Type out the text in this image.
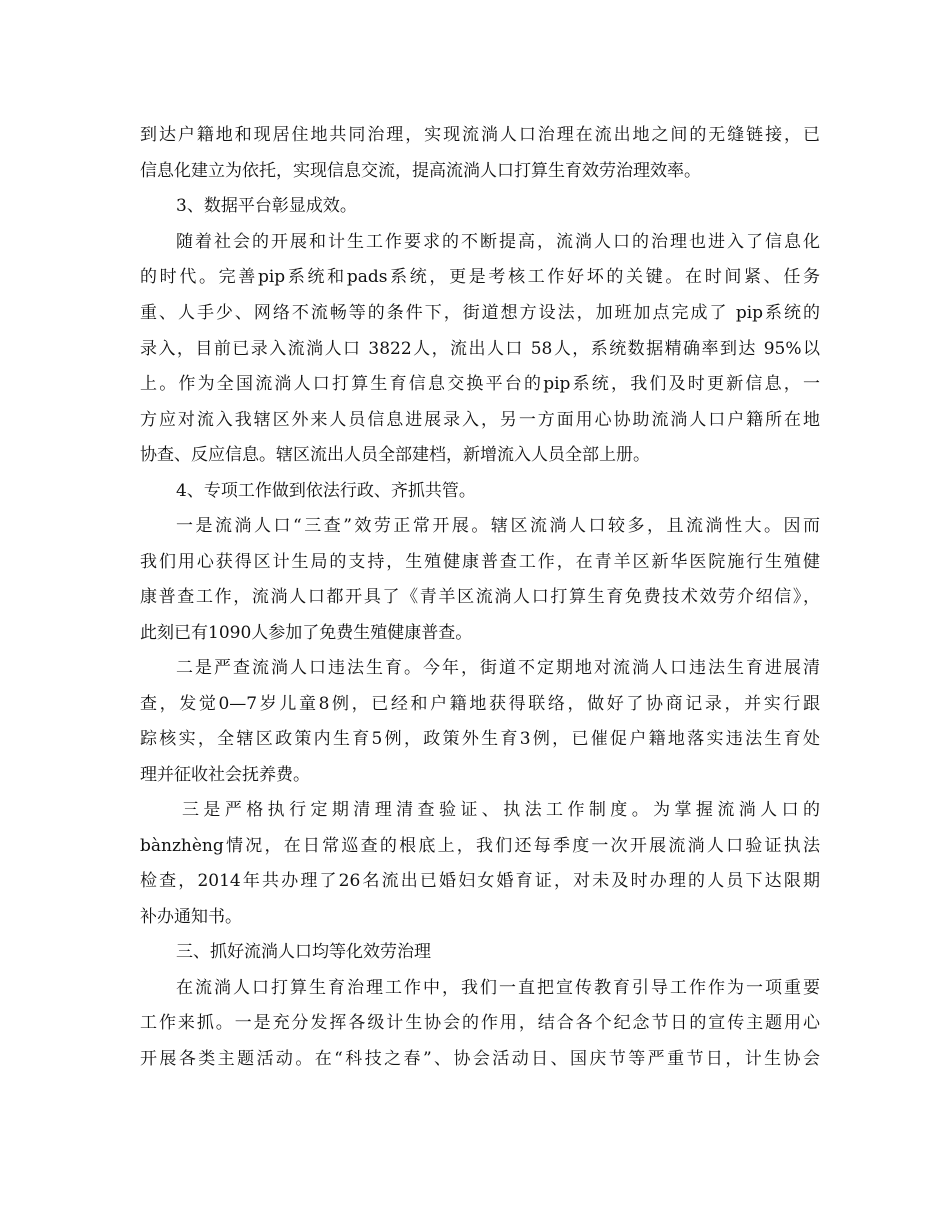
到达户籍地和现居住地共同治理，实现流淌人口治理在流出地之间的无缝链接，已
信息化建立为依托，实现信息交流，提高流淌人口打算生育效劳治理效率。
3、数据平台彰显成效。
随着社会的开展和计生工作要求的不断提高，流淌人口的治理也进入了信息化
的时代。完善pip系统和pads系统，更是考核工作好坏的关键。在时间紧、任务
重、人手少、网络不流畅等的条件下，街道想方设法，加班加点完成了 pip系统的
录入，目前已录入流淌人口 3822人，流出人口 58人，系统数据精确率到达 95%以
上。作为全国流淌人口打算生育信息交换平台的pip系统，我们及时更新信息，一
方应对流入我辖区外来人员信息进展录入，另一方面用心协助流淌人口户籍所在地
协查、反应信息。辖区流出人员全部建档，新增流入人员全部上册。
4、专项工作做到依法行政、齐抓共管。
一是流淌人口“三查”效劳正常开展。辖区流淌人口较多，且流淌性大。因而
我们用心获得区计生局的支持，生殖健康普查工作，在青羊区新华医院施行生殖健
康普查工作，流淌人口都开具了《青羊区流淌人口打算生育免费技术效劳介绍信》，
此刻已有1090人参加了免费生殖健康普查。
二是严查流淌人口违法生育。今年，街道不定期地对流淌人口违法生育进展清
查，发觉0—7岁儿童8例，已经和户籍地获得联络，做好了协商记录，并实行跟
踪核实，全辖区政策内生育5例，政策外生育3例，已催促户籍地落实违法生育处
理并征收社会抚养费。
三是严格执行定期清理清查验证、执法工作制度。为掌握流淌人口的
bànzhèng情况，在日常巡查的根底上，我们还每季度一次开展流淌人口验证执法
检查，2014年共办理了26名流出已婚妇女婚育证，对未及时办理的人员下达限期
补办通知书。
三、抓好流淌人口均等化效劳治理
在流淌人口打算生育治理工作中，我们一直把宣传教育引导工作作为一项重要
工作来抓。一是充分发挥各级计生协会的作用，结合各个纪念节日的宣传主题用心
开展各类主题活动。在“科技之春”、协会活动日、国庆节等严重节日，计生协会
